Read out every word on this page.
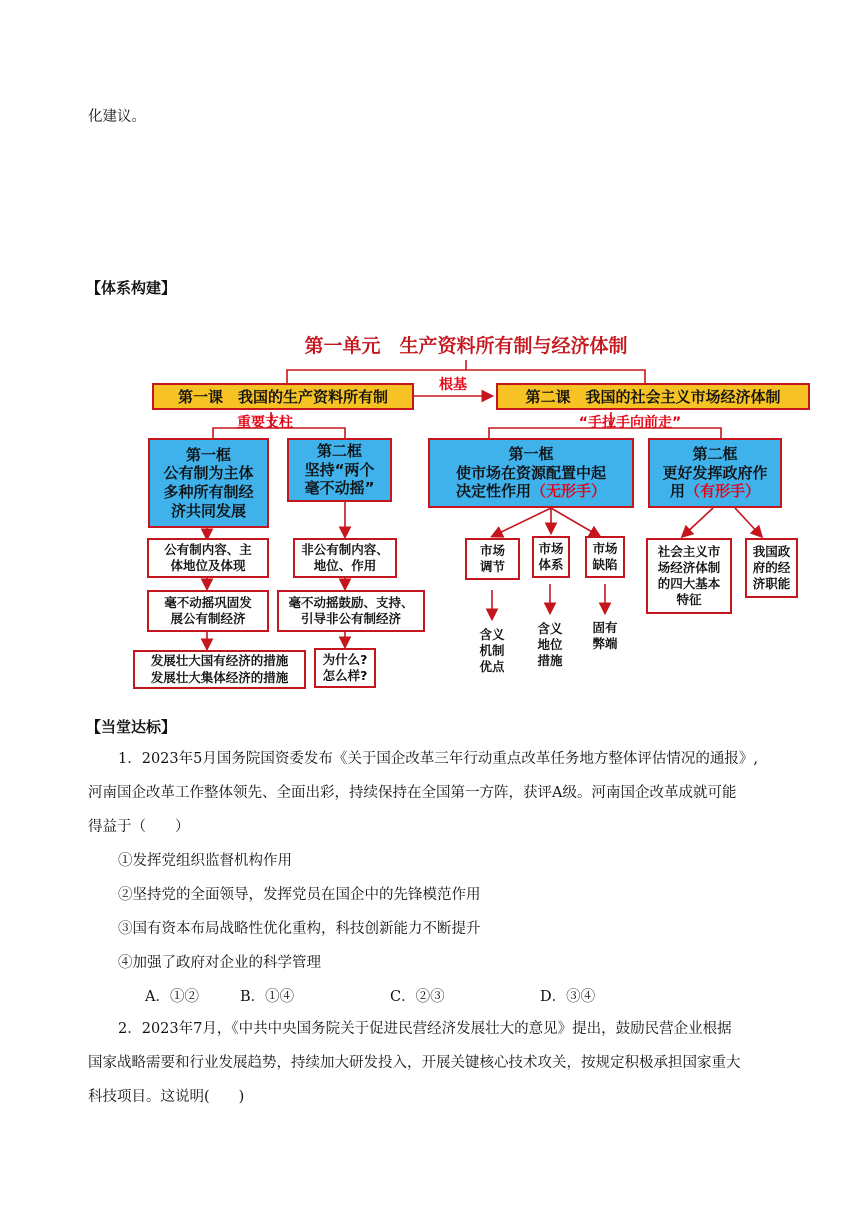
化建议。
【体系构建】
第一单元　生产资料所有制与经济体制
第一课　我国的生产资料所有制
根基
第二课　我国的社会主义市场经济体制
重要支柱	“手拉手向前走”
第一框
公有制为主体
多种所有制经
济共同发展
第二框
坚持“两个
毫不动摇”
第一框
使市场在资源配置中起
决定性作用（无形手）
第二框
更好发挥政府作
用（有形手）
公有制内容、主
体地位及体现
毫不动摇巩固发
展公有制经济
发展壮大国有经济的措施
发展壮大集体经济的措施
非公有制内容、
地位、作用
毫不动摇鼓励、支持、
引导非公有制经济
为什么?
怎么样?
市场
调节
市场
体系
市场
缺陷
社会主义市
场经济体制
的四大基本
特征
我国政
府的经
济职能
含义
机制
优点
含义
地位
措施
固有
弊端
【当堂达标】
1．2023年5月国务院国资委发布《关于国企改革三年行动重点改革任务地方整体评估情况的通报》,
河南国企改革工作整体领先、全面出彩，持续保持在全国第一方阵，获评A级。河南国企改革成就可能
得益于（　　）
①发挥党组织监督机构作用
②坚持党的全面领导，发挥党员在国企中的先锋模范作用
③国有资本布局战略性优化重构，科技创新能力不断提升
④加强了政府对企业的科学管理
A．①②	B．①④	C．②③	D．③④
2．2023年7月，《中共中央国务院关于促进民营经济发展壮大的意见》提出，鼓励民营企业根据
国家战略需要和行业发展趋势，持续加大研发投入，开展关键核心技术攻关，按规定积极承担国家重大
科技项目。这说明(　　)
